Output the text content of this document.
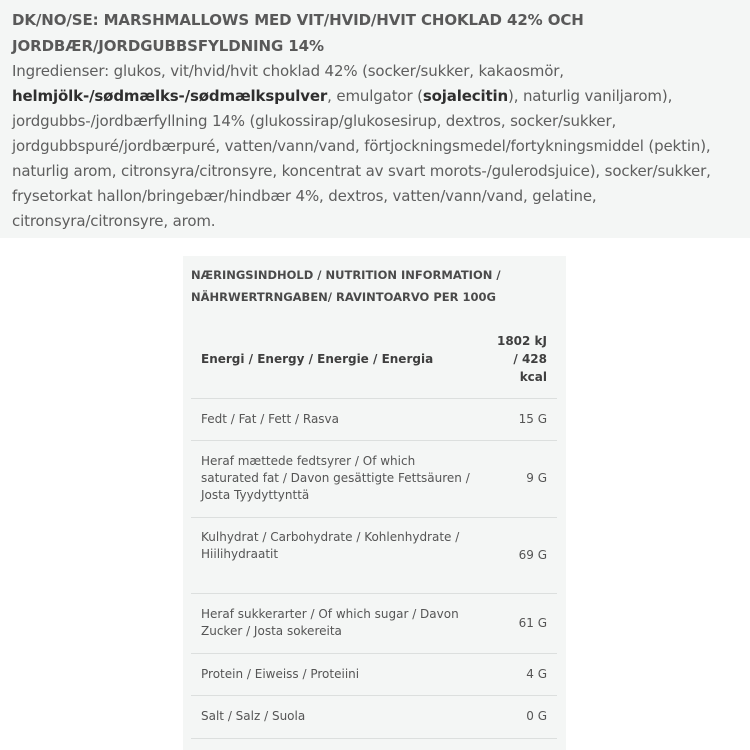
DK/NO/SE: MARSHMALLOWS MED VIT/HVID/HVIT CHOKLAD 42% OCH
JORDBÆR/JORDGUBBSFYLDNING 14%

Ingredienser: glukos, vit/hvid/hvit choklad 42% (socker/sukker, kakaosmör, helmjölk-/sødmælks-/sødmælkspulver, emulgator (sojalecitin), naturlig vaniljarom), jordgubbs-/jordbærfyllning 14% (glukossirap/glukosesirup, dextros, socker/sukker, jordgubbspuré/jordbærpuré, vatten/vann/vand, förtjockningsmedel/fortykningsmiddel (pektin), naturlig arom, citronsyra/citronsyre, koncentrat av svart morots-/gulerodsjuice), socker/sukker, frysetorkat hallon/bringebær/hindbær 4%, dextros, vatten/vann/vand, gelatine, citronsyra/citronsyre, arom.

NÆRINGSINDHOLD / NUTRITION INFORMATION /
NÄHRWERTRNGABEN/ RAVINTOARVO PER 100G
Energi / Energy / Energie / Energia	1802 kJ
/ 428
kcal

Fedt / Fat / Fett / Rasva	15 G

Heraf mættede fedtsyrer / Of which
saturated fat / Davon gesättigte Fettsäuren /
Josta Tyydyttynttä	9 G

Kulhydrat / Carbohydrate / Kohlenhydrate /
Hiilihydraatit	69 G

Heraf sukkerarter / Of which sugar / Davon
Zucker / Josta sokereita	61 G
Protein / Eiweiss / Proteiini	4 G
Salt / Salz / Suola	0 G
